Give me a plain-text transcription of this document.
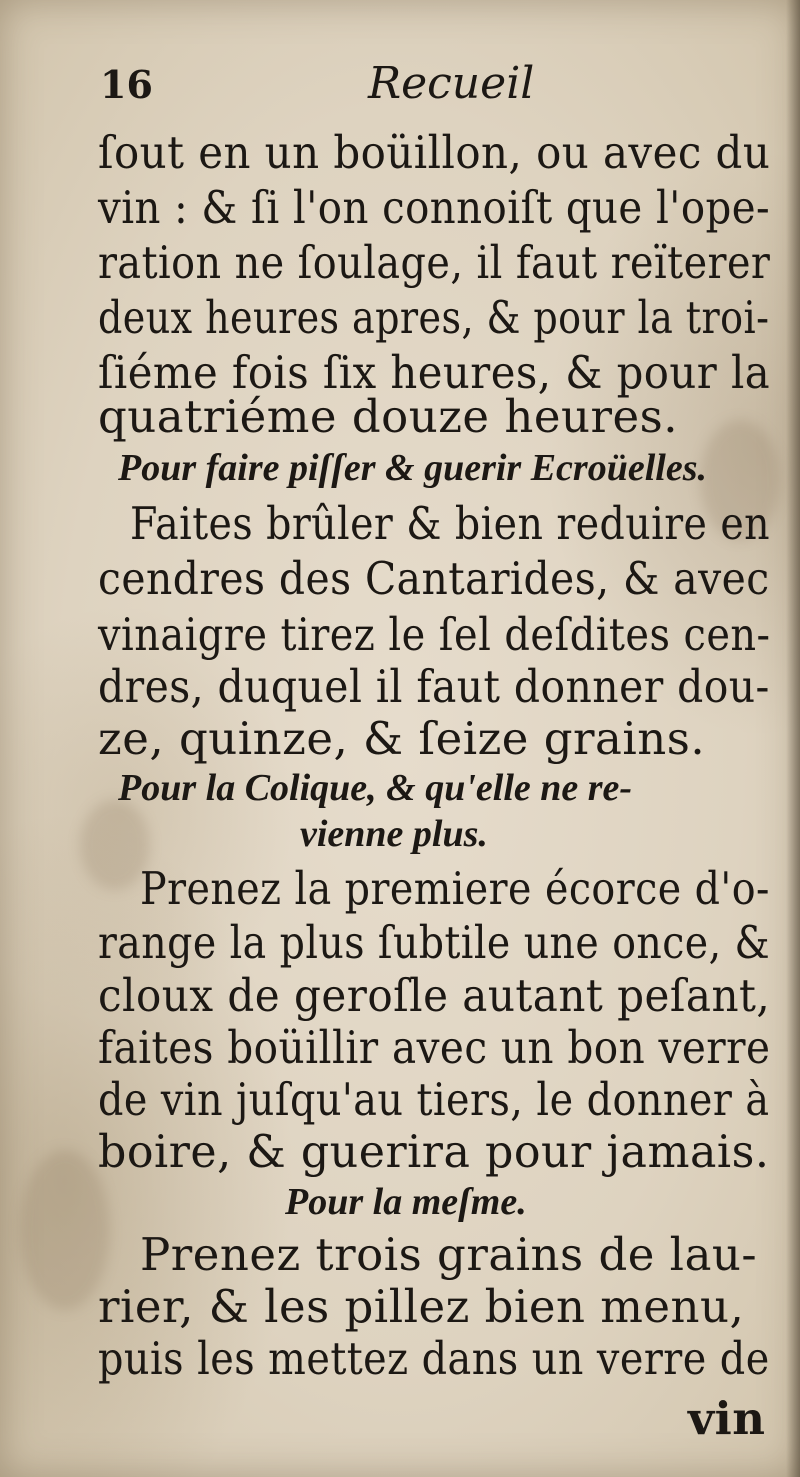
16	Recueil
ſout en un boüillon, ou avec du
vin : & ſi l'on connoiſt que l'ope-
ration ne ſoulage, il faut reïterer
deux heures apres, & pour la troi-
ſiéme fois ſix heures, & pour la
quatriéme douze heures.
Pour faire piſſer & guerir Ecroüelles.
Faites brûler & bien reduire en
cendres des Cantarides, & avec
vinaigre tirez le ſel deſdites cen-
dres, duquel il faut donner dou-
ze, quinze, & ſeize grains.
Pour la Colique, & qu'elle ne re-
vienne plus.
Prenez la premiere écorce d'o-
range la plus ſubtile une once, &
cloux de geroſle autant peſant,
faites boüillir avec un bon verre
de vin juſqu'au tiers, le donner à
boire, & guerira pour jamais.
Pour la meſme.
Prenez trois grains de lau-
rier, & les pillez bien menu,
puis les mettez dans un verre de
vin
